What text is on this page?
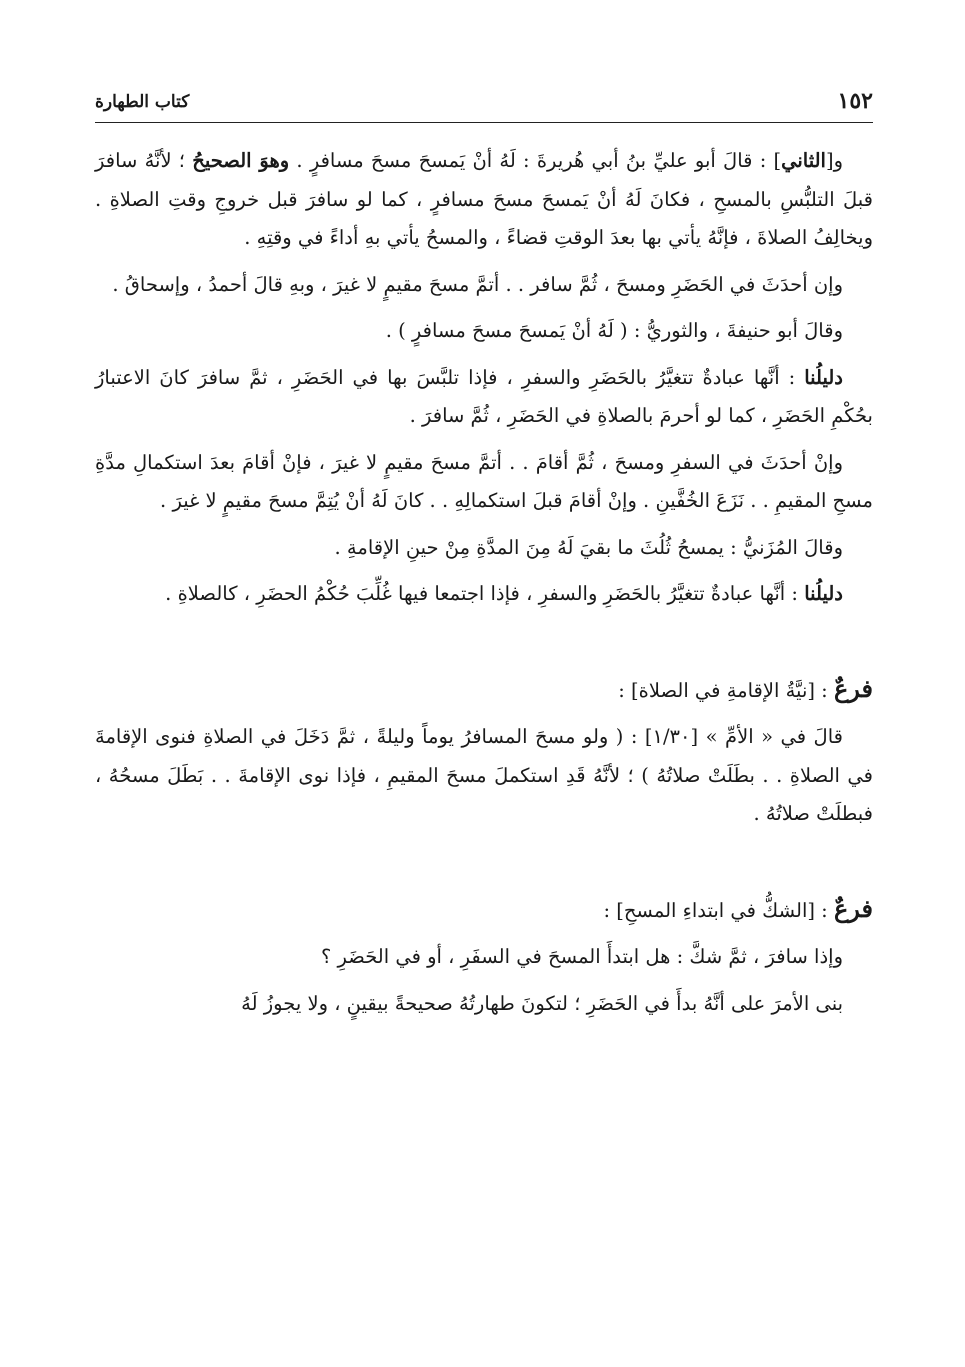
١٥٢
كتاب الطهارة

و[الثاني] : قالَ أبو عليِّ بنُ أبي هُريرةَ : لَهُ أنْ يَمسحَ مسحَ مسافرٍ . وهوَ الصحيحُ ؛ لأنَّهُ سافرَ قبلَ التلبُّسِ بالمسحِ ، فكانَ لَهُ أنْ يَمسحَ مسحَ مسافرٍ ، كما لو سافرَ قبل خروجِ وقتِ الصلاةِ . ويخالِفُ الصلاةَ ، فإنَّهُ يأتي بها بعدَ الوقتِ قضاءً ، والمسحُ يأتي بهِ أداءً في وقتِهِ .

وإن أحدَثَ في الحَضَرِ ومسحَ ، ثُمَّ سافر . . أتمَّ مسحَ مقيمٍ لا غيرَ ، وبهِ قالَ أحمدُ ، وإسحاقُ .

وقالَ أبو حنيفةَ ، والثوريُّ : ( لَهُ أنْ يَمسحَ مسحَ مسافرٍ ) .

دليلُنا : أنَّها عبادةٌ تتغيَّرُ بالحَضَرِ والسفرِ ، فإذا تلبَّسَ بها في الحَضَرِ ، ثمَّ سافرَ كانَ الاعتبارُ بحُكْمِ الحَضَرِ ، كما لو أحرمَ بالصلاةِ في الحَضَرِ ، ثُمَّ سافرَ .

وإنْ أحدَثَ في السفرِ ومسحَ ، ثُمَّ أقامَ . . أتمَّ مسحَ مقيمٍ لا غيرَ ، فإنْ أقامَ بعدَ استكمالِ مدَّةِ مسحِ المقيمِ . . نَزَعَ الخُفَّينِ . وإنْ أقامَ قبلَ استكمالِهِ . . كانَ لَهُ أنْ يُتِمَّ مسحَ مقيمٍ لا غيرَ .

وقالَ المُزَنيُّ : يمسحُ ثُلُثَ ما بقيَ لَهُ مِنَ المدَّةِ مِنْ حينِ الإقامةِ .

دليلُنا : أنَّها عبادةٌ تتغيَّرُ بالحَضَرِ والسفرِ ، فإذا اجتمعا فيها غُلِّبَ حُكْمُ الحضَرِ ، كالصلاةِ .

فرعٌ : [نيَّةُ الإقامةِ في الصلاة] :

قالَ في « الأمِّ » [١/٣٠] : ( ولو مسحَ المسافرُ يوماً وليلةً ، ثمَّ دَخَلَ في الصلاةِ فنوى الإقامةَ في الصلاةِ . . بطَلَتْ صلاتُهُ ) ؛ لأنَّهُ قَدِ استكملَ مسحَ المقيمِ ، فإذا نوى الإقامةَ . . بَطَلَ مسحُهُ ، فبطلَتْ صلاتُهُ .

فرعٌ : [الشكُّ في ابتداءِ المسحِ] :

وإذا سافرَ ، ثمَّ شكَّ : هل ابتدأَ المسحَ في السفَرِ ، أو في الحَضَرِ ؟

بنى الأمرَ على أنَّهُ بدأَ في الحَضَرِ ؛ لتكونَ طهارتُهُ صحيحةً بيقينٍ ، ولا يجوزُ لَهُ
